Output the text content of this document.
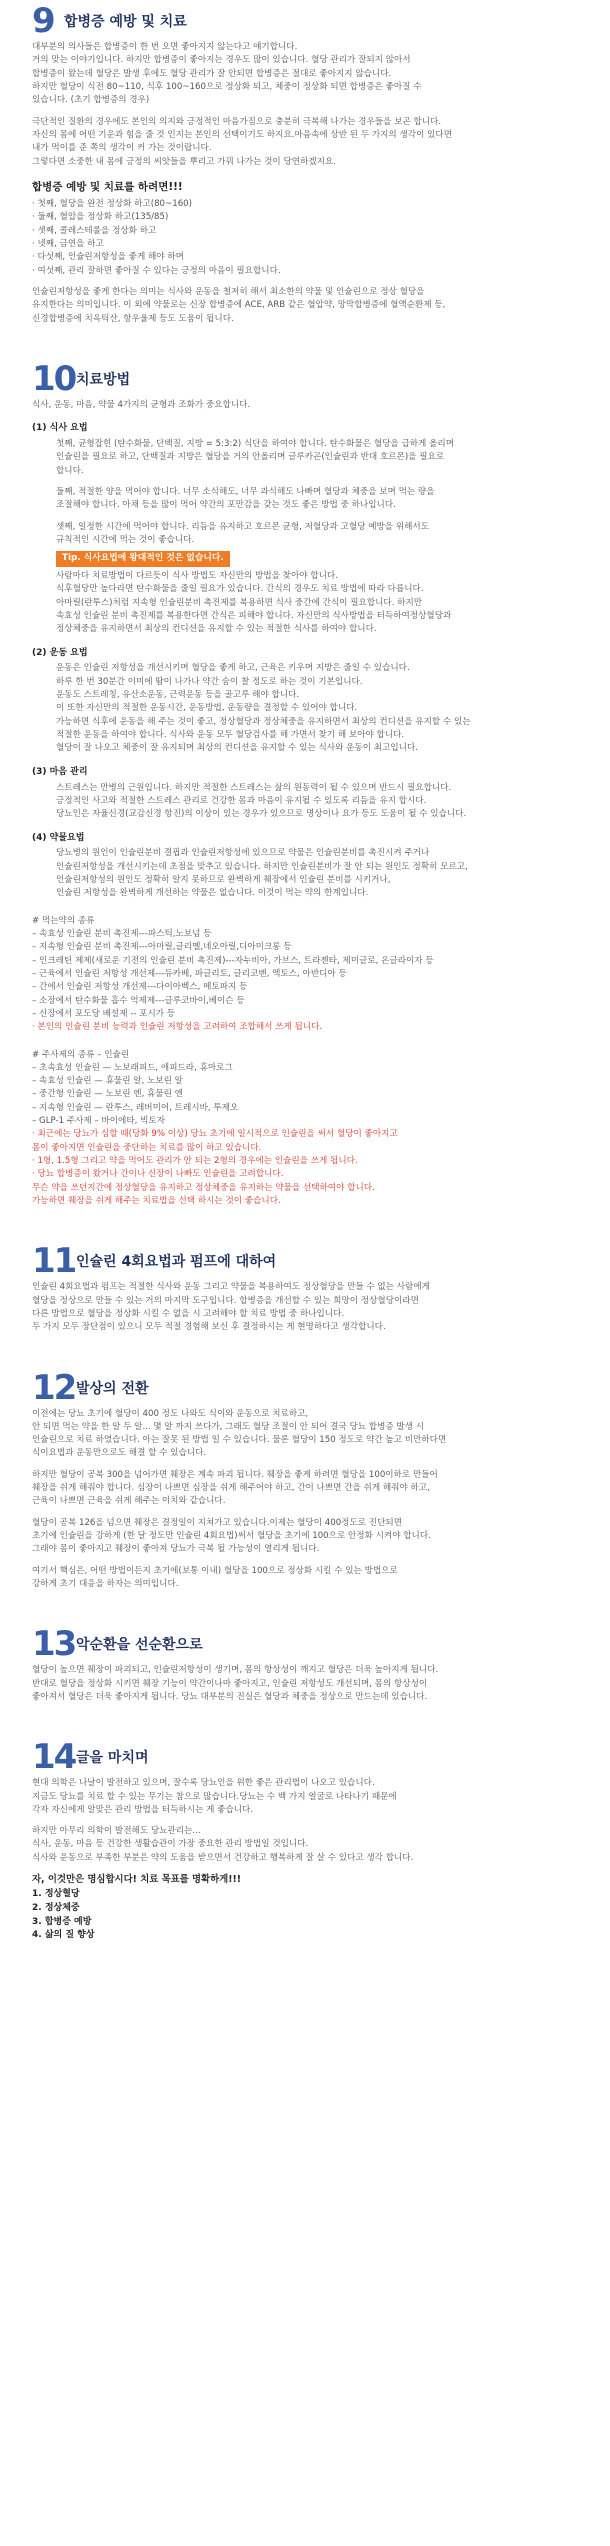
9 합병증 예방 및 치료

대부분의 의사들은 합병증이 한 번 오면 좋아지지 않는다고 얘기합니다.
거의 맞는 이야기입니다. 하지만 합병증이 좋아지는 경우도 많이 있습니다. 혈당 관리가 잘되지 않아서
합병증이 왔는데 혈당은 발생 후에도 혈당 관리가 잘 안되면 합병증은 절대로 좋아지지 않습니다.
하지만 혈당이 식전 80~110, 식후 100~160으로 정상화 되고, 체중이 정상화 되면 합병증은 좋아질 수
있습니다. (초기 합병증의 경우)

극단적인 질환의 경우에도 본인의 의지와 긍정적인 마음가짐으로 충분히 극복해 나가는 경우들을 보곤 합니다.
자신의 몸에 어떤 기운과 힘을 줄 것 인지는 본인의 선택이기도 하지요.마음속에 상반 된 두 가지의 생각이 있다면
내가 먹이를 준 쪽의 생각이 커 가는 것이랍니다.
그렇다면 소중한 내 몸에 긍정의 씨앗들을 뿌리고 가꿔 나가는 것이 당연하겠지요.

합병증 예방 및 치료를 하려면!!!
· 첫째, 혈당을 완전 정상화 하고(80~160)
· 둘째, 혈압을 정상화 하고(135/85)
· 셋째, 콜레스테롤을 정상화 하고
· 넷째, 금연을 하고
· 다섯째, 인슐린저항성을 좋게 해야 하며
· 여섯째, 관리 잘하면 좋아질 수 있다는 긍정의 마음이 필요합니다.

인슐린저항성을 좋게 한다는 의미는 식사와 운동을 철저히 해서 최소한의 약물 및 인슐린으로 정상 혈당을
유지한다는 의미입니다. 이 외에 약물로는 신장 합병증에 ACE, ARB 같은 혈압약, 망막합병증에 혈액순환제 등,
신경합병증에 치옥틱산, 항우울제 등도 도움이 됩니다.

10 치료방법

식사, 운동, 마음, 약물 4가지의 균형과 조화가 중요합니다.

(1) 식사 요법

첫째, 균형잡힌 (탄수화물, 단백질, 지방 = 5:3:2) 식단을 하여야 합니다. 탄수화물은 혈당을 급하게 올리며
인슐린을 필요로 하고, 단백질과 지방은 혈당을 거의 안올리며 글루카곤(인슐린과 반대 호르몬)을 필요로
합니다.

둘째, 적절한 양을 먹어야 합니다. 너무 소식해도, 너무 과식해도 나빠며 혈당과 체중을 보며 먹는 량을
조절해야 합니다. 아채 등을 많이 먹어 약간의 포만감을 갖는 것도 좋은 방법 중 하나입니다.

셋째, 일정한 시간에 먹어야 합니다. 리듬을 유지하고 호르몬 균형, 저혈당과 고혈당 예방을 위해서도
규칙적인 시간에 먹는 것이 좋습니다.

Tip. 식사요법에 왕대적인 것은 없습니다.

사람마다 치료방법이 다르듯이 식사 방법도 자신만의 방법을 찾아야 합니다.
식후혈당만 높다라면 탄수화물을 줄일 필요가 있습니다. 간식의 경우도 치료 방법에 따라 다릅니다.
아마릴(란투스)처럼 지속형 인슐린분비 촉진제를 복용하면 식사 중간에 간식이 필요합니다. 하지만
속효성 인슐린 분비 촉진제를 복용한다면 간식은 피해야 합니다. 자신만의 식사방법을 터득하여정상혈당과
정상체중을 유지하면서 최상의 컨디션을 유지할 수 있는 적절한 식사를 하여야 합니다.

(2) 운동 요법

운동은 인슐린 저항성을 개선시키며 혈당을 좋게 하고, 근육은 키우며 지방은 줄일 수 있습니다.
하루 한 번 30분간 이미에 땀이 나가나 약간 숨이 찰 정도로 하는 것이 기본입니다.
운동도 스트레칭, 유산소운동, 근력운동 등을 골고루 해야 합니다.
이 또한 자신만의 적절한 운동시간, 운동방법, 운동량을 결정할 수 있어야 합니다.
가능하면 식후에 운동을 해 주는 것이 좋고, 정상혈당과 정상체중을 유지하면서 최상의 컨디션을 유지할 수 있는
적절한 운동을 하여야 합니다. 식사와 운동 모두 혈당검사를 해 가면서 찾기 해 보아야 합니다.
혈당이 잘 나오고 체중이 잘 유지되며 최상의 컨디션을 유지할 수 있는 식사와 운동이 최고입니다.

(3) 마음 관리

스트레스는 만병의 근원입니다. 하지만 적절한 스트레스는 삶의 원동력이 될 수 있으며 반드시 필요합니다.
긍정적인 사고와 적절한 스트레스 관리로 건강한 몸과 마음이 유지될 수 있도록 리듬을 유지 합시다.
당뇨인은 자율신경(교감신경 항진)의 이상이 있는 경우가 있으므로 명상이나 요가 등도 도움이 될 수 있습니다.

(4) 약물요법

당뇨병의 원인이 인슐린분비 결핍과 인슐린저항성에 있으므로 약물은 인슐린분비를 촉진시켜 주거나
인슐린저항성을 개선시키는데 초점을 맞추고 있습니다. 하지만 인슐린분비가 잘 안 되는 원인도 정확히 모르고,
인슐린저항성의 원인도 정확히 알지 못하므로 완벽하게 췌장에서 인슐린 분비를 시키거나,
인슐린 저항성을 완벽하게 개선하는 약물은 없습니다. 이것이 먹는 약의 한계입니다.

# 먹는약의 종류
– 속효성 인슐린 분비 촉진제---파스틱,노보넘 등
– 지속형 인슐린 분비 촉진제---아마릴,글리멜,네오아릴,디아미크롱 등
– 인크레틴 제제(새로운 기전의 인슐린 분비 촉진제)---자누비아, 가브스, 트라젠타, 제미글로, 온글라이자 등
– 근육에서 인슐린 저항성 개선제---듀카베, 파글리토, 글리코벤, 엑토스, 아반디아 등
– 간에서 인슐린 저항성 개선제---다이아벡스, 메토파지 등
– 소장에서 탄수화물 흡수 억제제---글루코바이,베이슨 등
– 신장에서 포도당 배설제 -- 포시가 등
· 본인의 인슐린 분비 능력과 인슐린 저항성을 고려하여 조합해서 쓰게 됩니다.
# 주사제의 종류 – 인슐린
– 초속효성 인슐린 — 노보래피드, 애피드라, 휴마로그
– 속효성 인슐린 — 휴물린 알, 노보린 알
– 중간형 인슐린 — 노보린 엔, 휴물린 엔
– 지속형 인슐린 — 란투스, 레버미어, 트레시바, 투제오
– GLP-1 주사제 – 바이에타, 빅토자

· 최근에는 당뇨가 심할 때(당화 9% 이상) 당뇨 초기에 일시적으로 인슐린을 써서 혈당이 좋아지고
몸이 좋아지면 인슐린을 중단하는 치료를 많이 하고 있습니다.

· 1형, 1.5형 그리고 약을 먹어도 관리가 안 되는 2형의 경우에는 인슐린을 쓰게 됩니다.

· 당뇨 합병증이 왔거나 간이나 신장이 나빠도 인슐린을 고려합니다.
무슨 약을 쓰던지간에 정상혈당을 유지하고 정상체중을 유지하는 약물을 선택하여야 합니다.
가능하면 췌장을 쉬게 해주는 치료법을 선택 하시는 것이 좋습니다.

11 인슐린 4회요법과 펌프에 대하여

인슐린 4회요법과 펌프는 적절한 식사와 운동 그리고 약물을 복용하여도 정상혈당을 만들 수 없는 사람에게
혈당을 정상으로 만들 수 있는 거의 마지막 도구입니다. 합병증을 개선할 수 있는 희망이 정상혈당이라면
다른 방법으로 혈당을 정상화 시킬 수 없을 시 고려해야 할 치료 방법 중 하나입니다.
두 가지 모두 장단점이 있으니 모두 적절 경험해 보신 후 결정하시는 게 현명하다고 생각합니다.

12 발상의 전환

이전에는 당뇨 초기에 혈당이 400 정도 나와도 식이와 운동으로 치료하고,
안 되면 먹는 약을 한 알 두 알... 몇 알 까지 쓰다가, 그래도 혈당 조절이 안 되어 결국 당뇨 합병증 발생 시
인슐린으로 치료 하였습니다. 아는 잘못 된 방법 일 수 있습니다. 물론 혈당이 150 정도로 약간 높고 비만하다면
식이요법과 운동만으로도 해결 할 수 있습니다.

하지만 혈당이 공복 300을 넘어가면 췌장은 계속 파괴 됩니다. 췌장을 좋게 하려면 혈당을 100이하로 만들어
췌장을 쉬게 해줘야 합니다. 심장이 나쁘면 심장을 쉬게 해주어야 하고, 간이 나쁘면 간을 쉬게 해줘야 하고,
근육이 나쁘면 근육을 쉬게 해주는 이치와 같습니다.

혈당이 공복 126을 넘으면 췌장은 결정일이 지쳐가고 있습니다.이제는 혈당이 400정도로 진단되면
초기에 인슐린을 강하게 (한 달 정도만 인슐린 4회요법)써서 혈당을 초기에 100으로 안정화 시켜야 합니다.
그래야 몸이 좋아지고 췌장이 좋아져 당뇨가 극복 될 가능성이 열리게 됩니다.

여기서 핵심은, 어떤 방법이든지 초기에(보통 이내) 혈당을 100으로 정상화 시킬 수 있는 방법으로
강하게 초기 대응을 하자는 의미입니다.

13 악순환을 선순환으로

혈당이 높으면 췌장이 파괴되고, 인슐린저항성이 생기며, 몸의 항상성이 깨지고 혈당은 더욱 높아지게 됩니다.
반대로 혈당을 정상화 시키면 췌장 기능이 약간이나마 좋아지고, 인슐린 저항성도 개선되며, 몸의 항상성이
좋아져서 혈당은 더욱 좋아지게 됩니다. 당뇨 대부분의 진실은 혈당과 체중을 정상으로 만드는데 있습니다.

14 글을 마치며

현대 의학은 나날이 발전하고 있으며, 잘수록 당뇨인을 위한 좋은 관리법이 나오고 있습니다.
지금도 당뇨를 치료 할 수 있는 무기는 참으로 많습니다.당뇨는 수 백 가지 얼굴로 나타나기 때문에
각자 자신에게 알맞은 관리 방법을 터득하시는 게 좋습니다.

하지만 아무리 의학이 발전해도 당뇨관리는...
식사, 운동, 마음 등 건강한 생활습관이 가장 중요한 관리 방법일 것입니다.
식사와 운동으로 부족한 부분은 약의 도움을 받으면서 건강하고 행복하게 잘 살 수 있다고 생각 합니다.

자, 이것만은 명심합시다! 치료 목표를 명확하게!!!
1. 정상혈당
2. 정상체중
3. 합병증 예방
4. 삶의 질 향상
